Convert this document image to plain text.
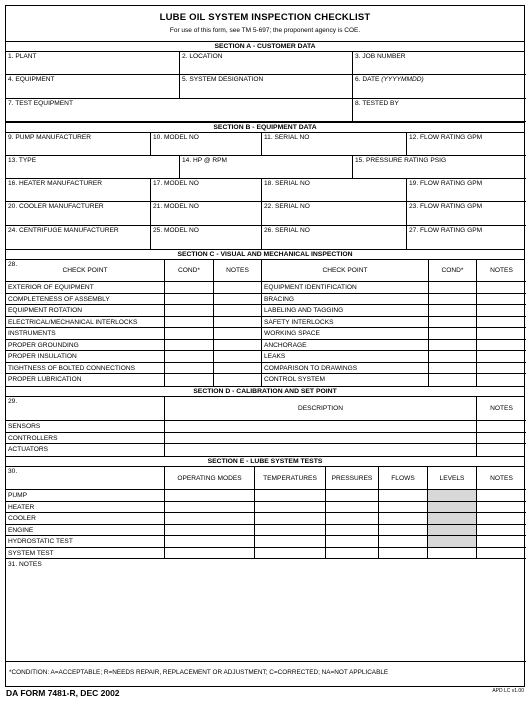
LUBE OIL SYSTEM INSPECTION CHECKLIST
For use of this form, see TM 5-697; the proponent agency is COE.
SECTION A - CUSTOMER DATA
1. PLANT	2. LOCATION	3. JOB NUMBER
4. EQUIPMENT	5. SYSTEM DESIGNATION	6. DATE (YYYYMMDD)
7. TEST EQUIPMENT	8. TESTED BY
SECTION B - EQUIPMENT DATA
9. PUMP MANUFACTURER	10. MODEL NO	11. SERIAL NO	12. FLOW RATING GPM
13. TYPE	14. HP @ RPM	15. PRESSURE RATING PSIG
16. HEATER MANUFACTURER	17. MODEL NO	18. SERIAL NO	19. FLOW RATING GPM
20. COOLER MANUFACTURER	21. MODEL NO	22. SERIAL NO	23. FLOW RATING GPM
24. CENTRIFUGE MANUFACTURER	25. MODEL NO	26. SERIAL NO	27. FLOW RATING GPM
SECTION C - VISUAL AND MECHANICAL INSPECTION
28.
CHECK POINT	COND*	NOTES	CHECK POINT	COND*	NOTES
EXTERIOR OF EQUIPMENT	EQUIPMENT IDENTIFICATION
COMPLETENESS OF ASSEMBLY	BRACING
EQUIPMENT ROTATION	LABELING AND TAGGING
ELECTRICAL/MECHANICAL INTERLOCKS	SAFETY INTERLOCKS
INSTRUMENTS	WORKING SPACE
PROPER GROUNDING	ANCHORAGE
PROPER INSULATION	LEAKS
TIGHTNESS OF BOLTED CONNECTIONS	COMPARISON TO DRAWINGS
PROPER LUBRICATION	CONTROL SYSTEM
SECTION D - CALIBRATION AND SET POINT
29.
DESCRIPTION	NOTES
SENSORS
CONTROLLERS
ACTUATORS
SECTION E - LUBE SYSTEM TESTS
30.
OPERATING MODES	TEMPERATURES	PRESSURES	FLOWS	LEVELS	NOTES
PUMP
HEATER
COOLER
ENGINE
HYDROSTATIC TEST
SYSTEM TEST
31. NOTES
*CONDITION: A=ACCEPTABLE; R=NEEDS REPAIR, REPLACEMENT OR ADJUSTMENT; C=CORRECTED; NA=NOT APPLICABLE
DA FORM 7481-R, DEC 2002	APD LC v1.00
